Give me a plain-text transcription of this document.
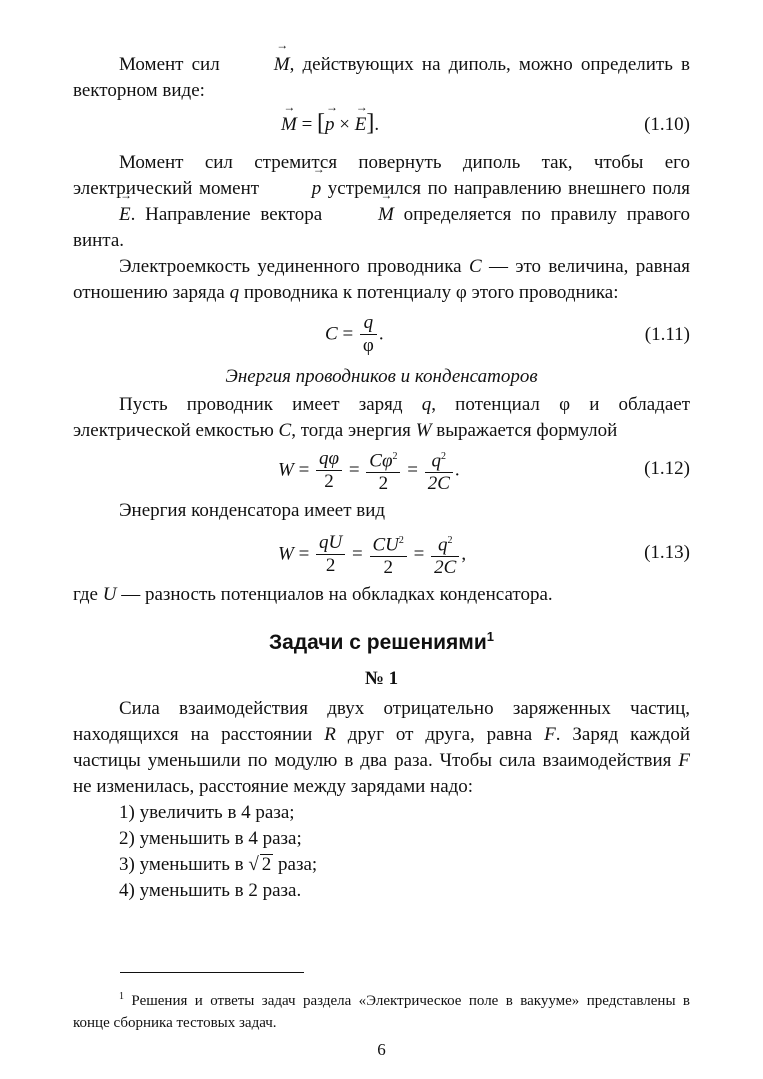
Момент сил	→ M, действующих на диполь, можно определить в векторном виде:

→ M = [→ p × → E].	(1.10)

Момент сил стремится повернуть диполь так, чтобы его электрический момент	→ p устремился по направлению внешнего поля → E. Направление вектора	→ M определяется по правилу правого винта.

Электроемкость уединенного проводника C — это величина, равная отношению заряда q проводника к потенциалу φ этого проводника:

$C = \frac{q}{\varphi}$ .	(1.11)
Энергия проводников и конденсаторов

Пусть проводник имеет заряд q, потенциал φ и обладает электрической емкостью C, тогда энергия W выражается формулой

$W = \frac{q\varphi}{2} = \frac{C\varphi^2}{2} = \frac{q^2}{2C}$ .	(1.12)

Энергия конденсатора имеет вид

$W = \frac{qU}{2} = \frac{CU^2}{2} = \frac{q^2}{2C}$ ,	(1.13)

где U — разность потенциалов на обкладках конденсатора.

Задачи с решениями$^1$
№ 1

Сила взаимодействия двух отрицательно заряженных частиц, находящихся на расстоянии R друг от друга, равна F. Заряд каждой частицы уменьшили по модулю в два раза. Чтобы сила взаимодействия F не изменилась, расстояние между зарядами надо:

1) увеличить в 4 раза;
2) уменьшить в 4 раза;
3) уменьшить в √ 2 раза;
4) уменьшить в 2 раза.
$^1$ Решения и ответы задач раздела «Электрическое поле в вакууме» представлены в конце сборника тестовых задач.
6
